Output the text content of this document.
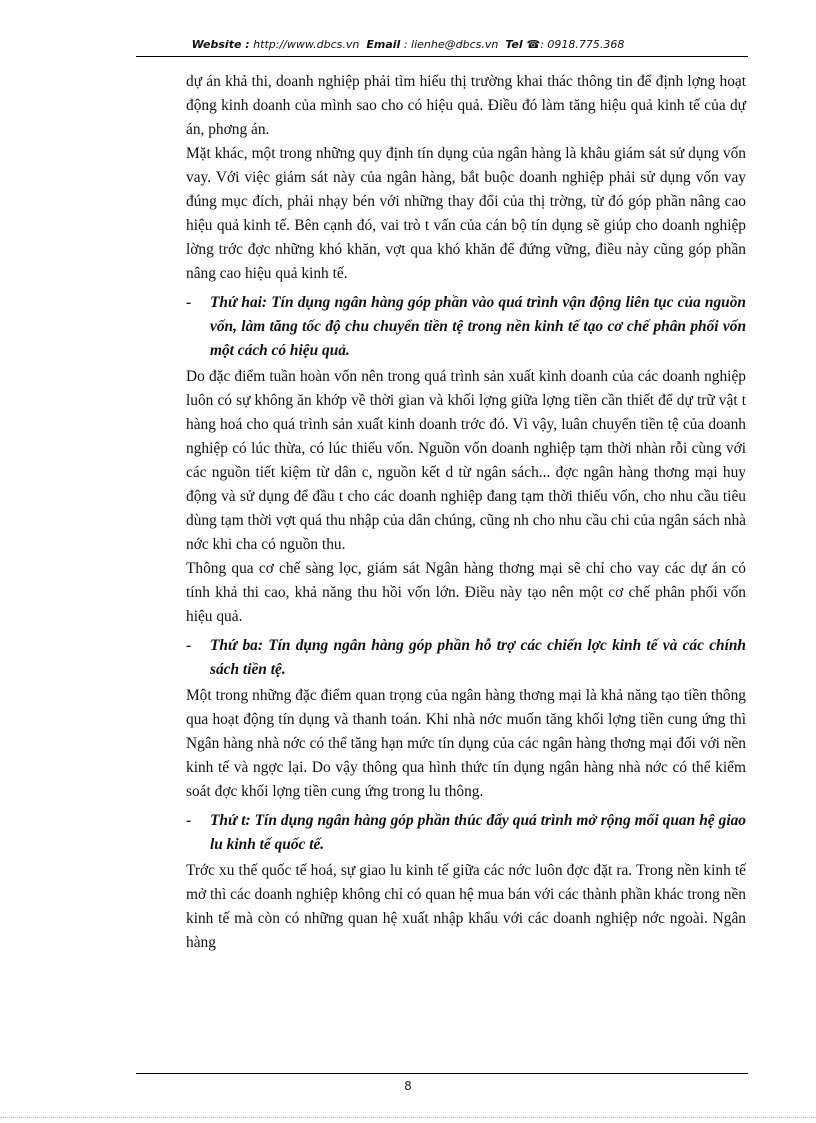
Website : http://www.dbcs.vn Email : lienhe@dbcs.vn Tel ☎: 0918.775.368

dự án khả thi, doanh nghiệp phải tìm hiểu thị trường khai thác thông tin để định lợng hoạt động kinh doanh của mình sao cho có hiệu quả. Điều đó làm tăng hiệu quả kinh tế của dự án, phơng án.

Mặt khác, một trong những quy định tín dụng của ngân hàng là khâu giám sát sử dụng vốn vay. Với việc giám sát này của ngân hàng, bắt buộc doanh nghiệp phải sử dụng vốn vay đúng mục đích, phải nhạy bén với những thay đổi của thị trờng, từ đó góp phần nâng cao hiệu quả kinh tế. Bên cạnh đó, vai trò t vấn của cán bộ tín dụng sẽ giúp cho doanh nghiệp lờng trớc đợc những khó khăn, vợt qua khó khăn để đứng vững, điều này cũng góp phần nâng cao hiệu quả kinh tế.

-	Thứ hai: Tín dụng ngân hàng góp phần vào quá trình vận động liên tục của nguồn vốn, làm tăng tốc độ chu chuyển tiền tệ trong nền kinh tế tạo cơ chế phân phối vốn một cách có hiệu quả.

Do đặc điểm tuần hoàn vốn nên trong quá trình sản xuất kinh doanh của các doanh nghiệp luôn có sự không ăn khớp về thời gian và khối lợng giữa lợng tiền cần thiết để dự trữ vật t hàng hoá cho quá trình sản xuất kinh doanh trớc đó. Vì vậy, luân chuyển tiền tệ của doanh nghiệp có lúc thừa, có lúc thiếu vốn. Nguồn vốn doanh nghiệp tạm thời nhàn rỗi cùng với các nguồn tiết kiệm từ dân c, nguồn kết d từ ngân sách... đợc ngân hàng thơng mại huy động và sử dụng để đầu t cho các doanh nghiệp đang tạm thời thiếu vốn, cho nhu cầu tiêu dùng tạm thời vợt quá thu nhập của dân chúng, cũng nh cho nhu cầu chi của ngân sách nhà nớc khi cha có nguồn thu.

Thông qua cơ chế sàng lọc, giám sát Ngân hàng thơng mại sẽ chỉ cho vay các dự án có tính khả thi cao, khả năng thu hồi vốn lớn. Điều này tạo nên một cơ chế phân phối vốn hiệu quả.

-	Thứ ba: Tín dụng ngân hàng góp phần hỗ trợ các chiến lợc kinh tế và các chính sách tiền tệ.

Một trong những đặc điểm quan trọng của ngân hàng thơng mại là khả năng tạo tiền thông qua hoạt động tín dụng và thanh toán. Khi nhà nớc muốn tăng khối lợng tiền cung ứng thì Ngân hàng nhà nớc có thể tăng hạn mức tín dụng của các ngân hàng thơng mại đối với nền kinh tế và ngợc lại. Do vậy thông qua hình thức tín dụng ngân hàng nhà nớc có thể kiểm soát đợc khối lợng tiền cung ứng trong lu thông.

-	Thứ t: Tín dụng ngân hàng góp phần thúc đẩy quá trình mở rộng mối quan hệ giao lu kinh tế quốc tế.

Trớc xu thế quốc tế hoá, sự giao lu kinh tế giữa các nớc luôn đợc đặt ra. Trong nền kinh tế mở thì các doanh nghiệp không chỉ có quan hệ mua bán với các thành phần khác trong nền kinh tế mà còn có những quan hệ xuất nhập khẩu với các doanh nghiệp nớc ngoài. Ngân hàng

8
